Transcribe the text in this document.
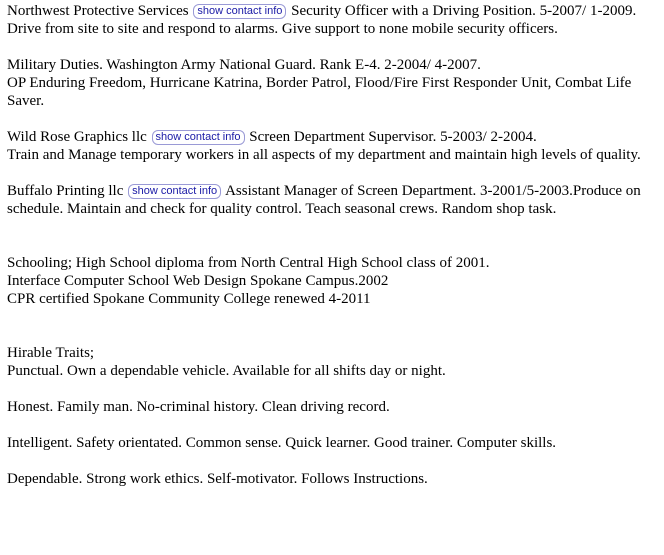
Northwest Protective Services show contact info Security Officer with a Driving Position. 5-2007/ 1-2009.
Drive from site to site and respond to alarms. Give support to none mobile security officers.
Military Duties. Washington Army National Guard. Rank E-4. 2-2004/ 4-2007.
OP Enduring Freedom, Hurricane Katrina, Border Patrol, Flood/Fire First Responder Unit, Combat Life Saver.
Wild Rose Graphics llc show contact info Screen Department Supervisor. 5-2003/ 2-2004.
Train and Manage temporary workers in all aspects of my department and maintain high levels of quality.
Buffalo Printing llc show contact info Assistant Manager of Screen Department. 3-2001/5-2003.Produce on schedule. Maintain and check for quality control. Teach seasonal crews. Random shop task.
Schooling; High School diploma from North Central High School class of 2001.
Interface Computer School Web Design Spokane Campus.2002
CPR certified Spokane Community College renewed 4-2011
Hirable Traits;
Punctual. Own a dependable vehicle. Available for all shifts day or night.
Honest. Family man. No-criminal history. Clean driving record.
Intelligent. Safety orientated. Common sense. Quick learner. Good trainer. Computer skills.
Dependable. Strong work ethics. Self-motivator. Follows Instructions.
